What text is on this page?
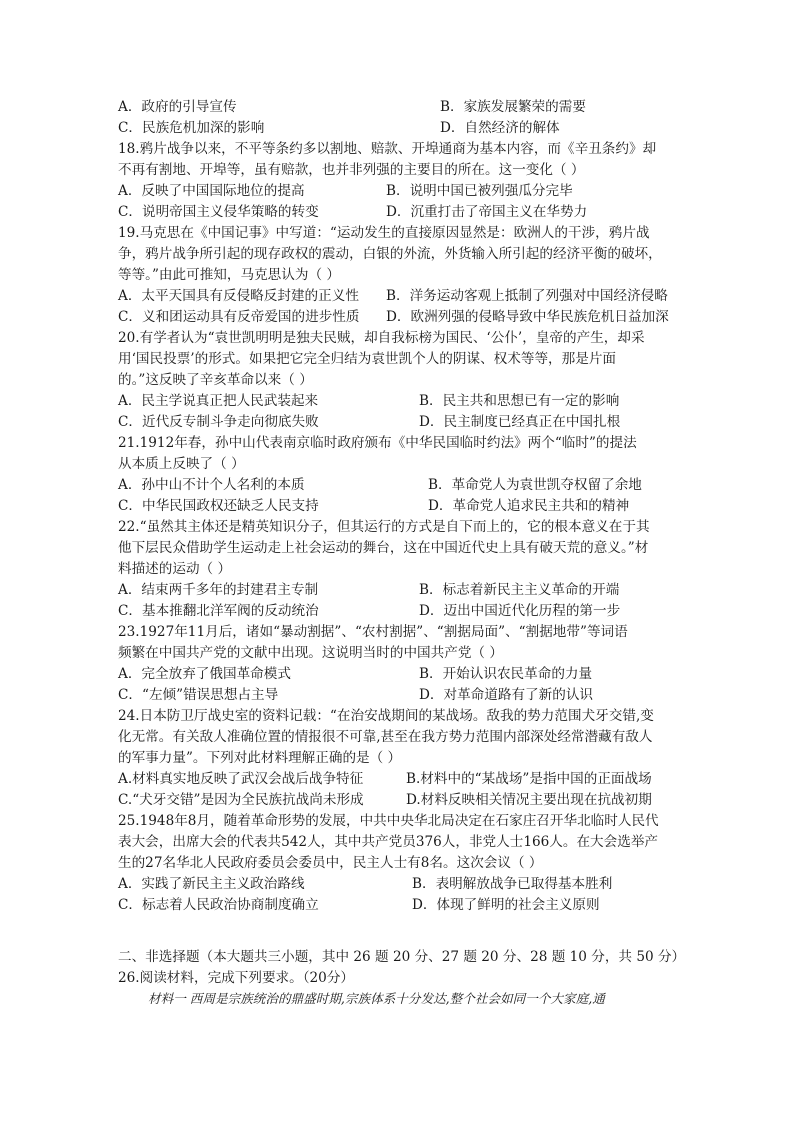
A．政府的引导宣传	B．家族发展繁荣的需要
C．民族危机加深的影响	D．自然经济的解体
18.鸦片战争以来，不平等条约多以割地、赔款、开埠通商为基本内容，而《辛丑条约》却
不再有割地、开埠等，虽有赔款，也并非列强的主要目的所在。这一变化（ ）
A．反映了中国国际地位的提高	B．说明中国已被列强瓜分完毕
C．说明帝国主义侵华策略的转变	D．沉重打击了帝国主义在华势力
19.马克思在《中国记事》中写道：“运动发生的直接原因显然是：欧洲人的干涉，鸦片战
争，鸦片战争所引起的现存政权的震动，白银的外流，外货输入所引起的经济平衡的破坏，
等等。”由此可推知，马克思认为（ ）
A．太平天国具有反侵略反封建的正义性 B．洋务运动客观上抵制了列强对中国经济侵略
C．义和团运动具有反帝爱国的进步性质 D．欧洲列强的侵略导致中华民族危机日益加深
20.有学者认为“袁世凯明明是独夫民贼，却自我标榜为国民、‘公仆’，皇帝的产生，却采
用‘国民投票’的形式。如果把它完全归结为袁世凯个人的阴谋、权术等等，那是片面
的。”这反映了辛亥革命以来（ ）
A．民主学说真正把人民武装起来	B．民主共和思想已有一定的影响
C．近代反专制斗争走向彻底失败	D．民主制度已经真正在中国扎根
21.1912年春，孙中山代表南京临时政府颁布《中华民国临时约法》两个“临时”的提法
从本质上反映了（ ）
A．孙中山不计个人名利的本质	B．革命党人为袁世凯夺权留了余地
C．中华民国政权还缺乏人民支持	D．革命党人追求民主共和的精神
22.“虽然其主体还是精英知识分子，但其运行的方式是自下而上的，它的根本意义在于其
他下层民众借助学生运动走上社会运动的舞台，这在中国近代史上具有破天荒的意义。”材
料描述的运动（ ）
A．结束两千多年的封建君主专制	B．标志着新民主主义革命的开端
C．基本推翻北洋军阀的反动统治	D．迈出中国近代化历程的第一步
23.1927年11月后，诸如“暴动割据”、“农村割据”、“割据局面”、“割据地带”等词语
频繁在中国共产党的文献中出现。这说明当时的中国共产党（ ）
A．完全放弃了俄国革命模式	B．开始认识农民革命的力量
C．“左倾”错误思想占主导	D．对革命道路有了新的认识
24.日本防卫厅战史室的资料记载：“在治安战期间的某战场。敌我的势力范围犬牙交错,变
化无常。有关敌人准确位置的情报很不可靠,甚至在我方势力范围内部深处经常潜藏有敌人
的军事力量”。下列对此材料理解正确的是（ ）
A.材料真实地反映了武汉会战后战争特征	B.材料中的“某战场”是指中国的正面战场
C.“犬牙交错”是因为全民族抗战尚未形成	D.材料反映相关情况主要出现在抗战初期
25.1948年8月，随着革命形势的发展，中共中央华北局决定在石家庄召开华北临时人民代
表大会，出席大会的代表共542人，其中共产党员376人，非党人士166人。在大会选举产
生的27名华北人民政府委员会委员中，民主人士有8名。这次会议（ ）
A．实践了新民主主义政治路线	B．表明解放战争已取得基本胜利
C．标志着人民政治协商制度确立	D．体现了鲜明的社会主义原则
二、非选择题（本大题共三小题，其中 26 题 20 分、27 题 20 分、28 题 10 分，共 50 分）
26.阅读材料，完成下列要求。（20分）
材料一 西周是宗族统治的鼎盛时期,宗族体系十分发达,整个社会如同一个大家庭,通
